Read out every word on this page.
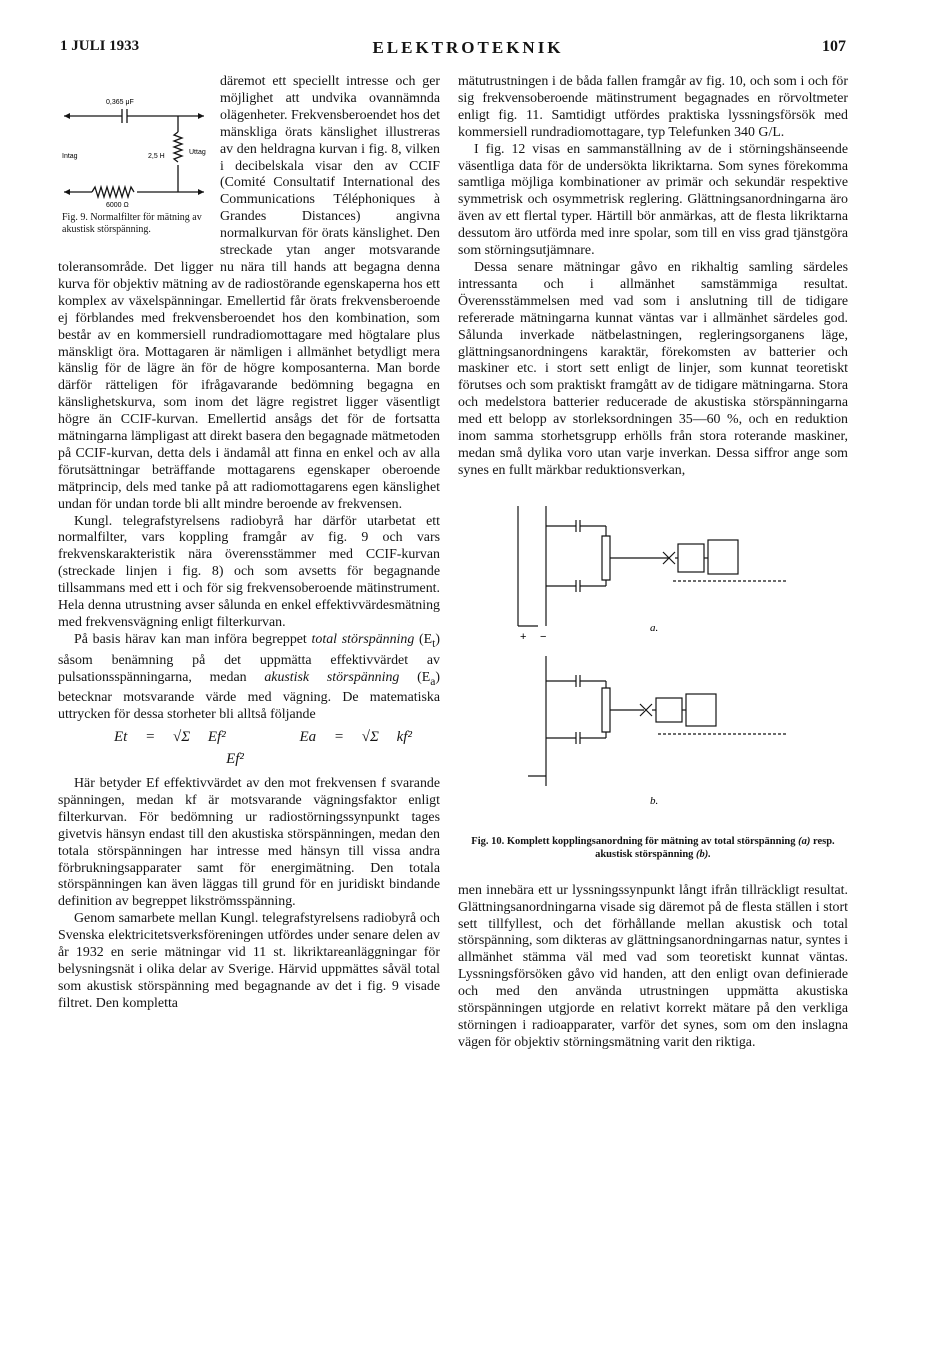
1 JULI 1933	ELEKTROTEKNIK	107
0,365 μF
Intag	2,5 H
Uttag
6000 Ω
Fig. 9. Normalfilter för mätning av akustisk störspänning.

däremot ett speciellt intresse och ger möjlighet att undvika ovannämnda olägenheter. Frekvensberoendet hos det mänskliga örats känslighet illustreras av den heldragna kurvan i fig. 8, vilken i decibelskala visar den av CCIF (Comité Consultatif International des Communications Téléphoniques à Grandes Distances) angivna normalkurvan för örats känslighet. Den streckade ytan anger motsvarande toleransområde. Det ligger nu nära till hands att begagna denna kurva för objektiv mätning av de radiostörande egenskaperna hos ett komplex av växelspänningar. Emellertid får örats frekvensberoende ej förblandes med frekvensberoendet hos den kombination, som består av en kommersiell rundradiomottagare med högtalare plus mänskligt öra. Mottagaren är nämligen i allmänhet betydligt mera känslig för de lägre än för de högre komposanterna. Man borde därför rätteligen för ifrågavarande bedömning begagna en känslighetskurva, som inom det lägre registret ligger väsentligt högre än CCIF-kurvan. Emellertid ansågs det för de fortsatta mätningarna lämpligast att direkt basera den begagnade mätmetoden på CCIF-kurvan, detta dels i ändamål att finna en enkel och av alla förutsättningar beträffande mottagarens egenskaper oberoende mätprincip, dels med tanke på att radiomottagarens egen känslighet undan för undan torde bli allt mindre beroende av frekvensen.

Kungl. telegrafstyrelsens radiobyrå har därför utarbetat ett normalfilter, vars koppling framgår av fig. 9 och vars frekvenskarakteristik nära överensstämmer med CCIF-kurvan (streckade linjen i fig. 8) och som avsetts för begagnande tillsammans med ett i och för sig frekvensoberoende mätinstrument. Hela denna utrustning avser sålunda en enkel effektivvärdesmätning med frekvensvägning enligt filterkurvan.

På basis härav kan man införa begreppet total störspänning $(E_t)$ såsom benämning på det uppmätta effektivvärdet av pulsationsspänningarna, medan akustisk störspänning $(E_a)$ betecknar motsvarande värde med vägning. De matematiska uttrycken för dessa storheter bli alltså följande

Et = √Σ Ef²	Ea = √Σ kf² Ef²

Här betyder Ef effektivvärdet av den mot frekvensen f svarande spänningen, medan kf är motsvarande vägningsfaktor enligt filterkurvan. För bedömning ur radiostörningssynpunkt tages givetvis hänsyn endast till den akustiska störspänningen, medan den totala störspänningen har intresse med hänsyn till vissa andra förbrukningsapparater samt för energimätning. Den totala störspänningen kan även läggas till grund för en juridiskt bindande definition av begreppet likströmsspänning.

Genom samarbete mellan Kungl. telegrafstyrelsens radiobyrå och Svenska elektricitetsverksföreningen utfördes under senare delen av år 1932 en serie mätningar vid 11 st. likriktareanläggningar för belysningsnät i olika delar av Sverige. Härvid uppmättes såväl total som akustisk störspänning med begagnande av det i fig. 9 visade filtret. Den kompletta

mätutrustningen i de båda fallen framgår av fig. 10, och som i och för sig frekvensoberoende mätinstrument begagnades en rörvoltmeter enligt fig. 11. Samtidigt utfördes praktiska lyssningsförsök med kommersiell rundradiomottagare, typ Telefunken 340 G/L.

I fig. 12 visas en sammanställning av de i störningshänseende väsentliga data för de undersökta likriktarna. Som synes förekomma samtliga möjliga kombinationer av primär och sekundär respektive symmetrisk och osymmetrisk reglering. Glättningsanordningarna äro även av ett flertal typer. Härtill bör anmärkas, att de flesta likriktarna dessutom äro utförda med inre spolar, som till en viss grad tjänstgöra som störningsutjämnare.

Dessa senare mätningar gåvo en rikhaltig samling särdeles intressanta och i allmänhet samstämmiga resultat. Överensstämmelsen med vad som i anslutning till de tidigare refererade mätningarna kunnat väntas var i allmänhet särdeles god. Sålunda inverkade nätbelastningen, regleringsorganens läge, glättningsanordningens karaktär, förekomsten av batterier och maskiner etc. i stort sett enligt de linjer, som kunnat teoretiskt förutses och som praktiskt framgått av de tidigare mätningarna. Stora och medelstora batterier reducerade de akustiska störspänningarna med ett belopp av storleksordningen 35—60 %, och en reduktion inom samma storhetsgrupp erhölls från stora roterande maskiner, medan små dylika voro utan varje inverkan. Dessa siffror ange som synes en fullt märkbar reduktionsverkan,

+ −
a.
b.
Fig. 10. Komplett kopplingsanordning för mätning av total störspänning (a) resp. akustisk störspänning (b).

men innebära ett ur lyssningssynpunkt långt ifrån tillräckligt resultat. Glättningsanordningarna visade sig däremot på de flesta ställen i stort sett tillfyllest, och det förhållande mellan akustisk och total störspänning, som dikteras av glättningsanordningarnas natur, syntes i allmänhet stämma väl med vad som teoretiskt kunnat väntas. Lyssningsförsöken gåvo vid handen, att den enligt ovan definierade och med den använda utrustningen uppmätta akustiska störspänningen utgjorde en relativt korrekt mätare på den verkliga störningen i radioapparater, varför det synes, som om den inslagna vägen för objektiv störningsmätning varit den riktiga.
